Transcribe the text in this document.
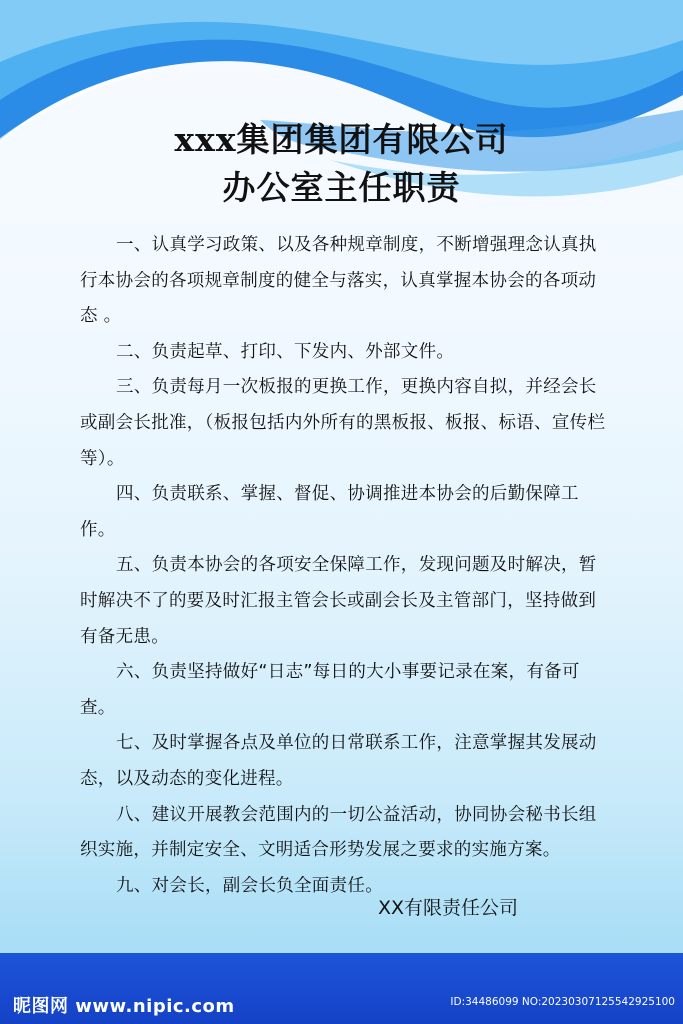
xxx集团集团有限公司
办公室主任职责

一、认真学习政策、以及各种规章制度，不断增强理念认真执行本协会的各项规章制度的健全与落实，认真掌握本协会的各项动态 。

二、负责起草、打印、下发内、外部文件。

三、负责每月一次板报的更换工作，更换内容自拟，并经会长或副会长批准，（板报包括内外所有的黑板报、板报、标语、宣传栏等）。

四、负责联系、掌握、督促、协调推进本协会的后勤保障工作。

五、负责本协会的各项安全保障工作，发现问题及时解决，暂时解决不了的要及时汇报主管会长或副会长及主管部门，坚持做到有备无患。

六、负责坚持做好“日志”每日的大小事要记录在案，有备可查。

七、及时掌握各点及单位的日常联系工作，注意掌握其发展动态，以及动态的变化进程。

八、建议开展教会范围内的一切公益活动，协同协会秘书长组织实施，并制定安全、文明适合形势发展之要求的实施方案。

九、对会长，副会长负全面责任。

XX有限责任公司
昵图网 www.nipic.com	ID:34486099 NO:20230307125542925100
